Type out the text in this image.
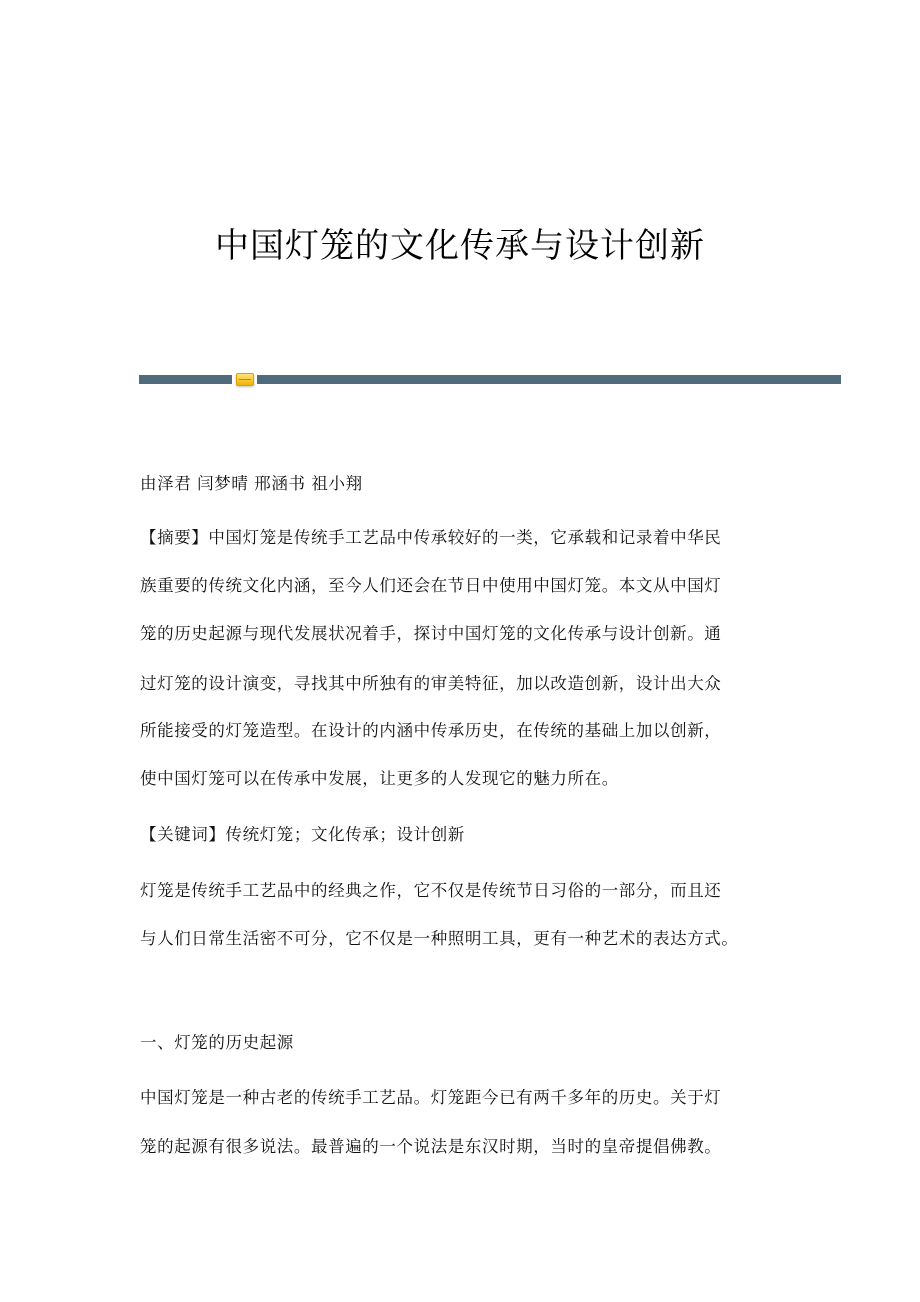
中国灯笼的文化传承与设计创新
由泽君 闫梦晴 邢涵书 祖小翔
【摘要】中国灯笼是传统手工艺品中传承较好的一类，它承载和记录着中华民
族重要的传统文化内涵，至今人们还会在节日中使用中国灯笼。本文从中国灯
笼的历史起源与现代发展状况着手，探讨中国灯笼的文化传承与设计创新。通
过灯笼的设计演变，寻找其中所独有的审美特征，加以改造创新，设计出大众
所能接受的灯笼造型。在设计的内涵中传承历史，在传统的基础上加以创新，
使中国灯笼可以在传承中发展，让更多的人发现它的魅力所在。
【关键词】传统灯笼；文化传承；设计创新
灯笼是传统手工艺品中的经典之作，它不仅是传统节日习俗的一部分，而且还
与人们日常生活密不可分，它不仅是一种照明工具，更有一种艺术的表达方式。
一、灯笼的历史起源
中国灯笼是一种古老的传统手工艺品。灯笼距今已有两千多年的历史。关于灯
笼的起源有很多说法。最普遍的一个说法是东汉时期，当时的皇帝提倡佛教。
